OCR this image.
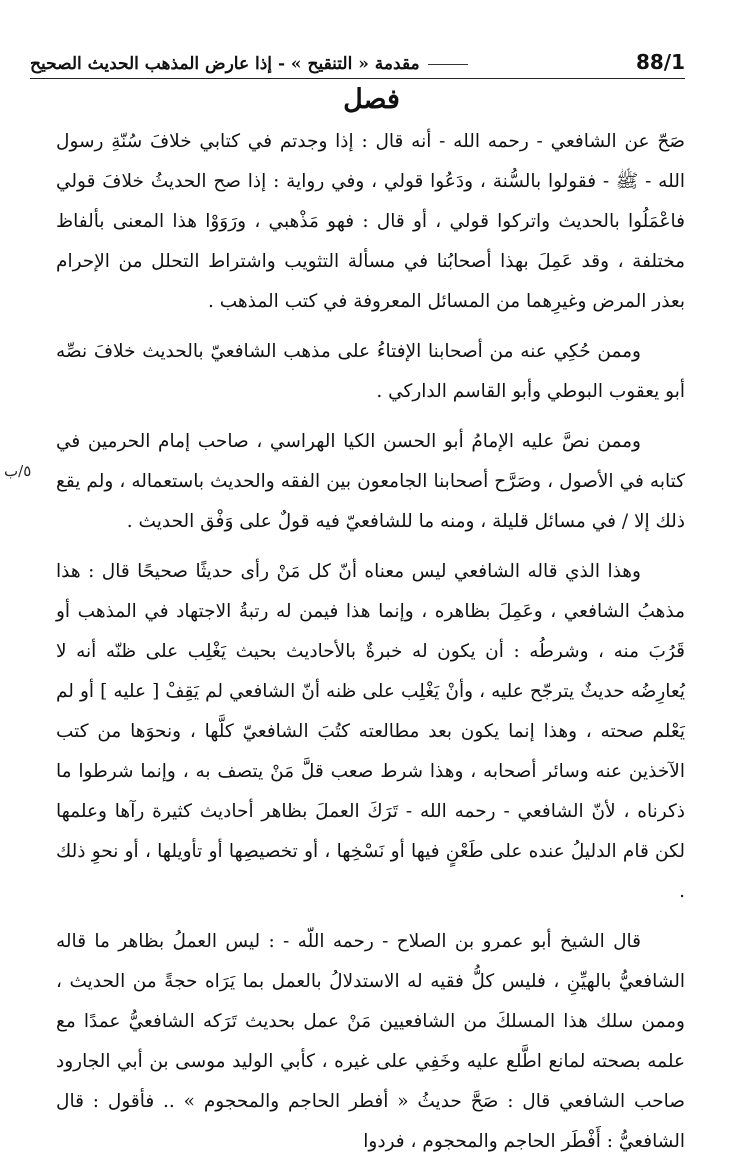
مقدمة « التنقيح » - إذا عارض المذهب الحديث الصحيح	88/1
فصل
٥/ب

صَحّ عن الشافعي - رحمه الله - أنه قال : إذا وجدتم في كتابي خلافَ سُنّةِ رسول الله - ﷺ - فقولوا بالسُّنة ، ودَعُوا قولي ، وفي رواية : إذا صح الحديثُ خلافَ قولي فاعْمَلُوا بالحديث واتركوا قولي ، أو قال : فهو مَذْهبي ، ورَوَوْا هذا المعنى بألفاظ مختلفة ، وقد عَمِلَ بهذا أصحابُنا في مسألة التثويب واشتراط التحلل من الإحرام بعذر المرض وغيرِهما من المسائل المعروفة في كتب المذهب .

وممن حُكِي عنه من أصحابنا الإفتاءُ على مذهب الشافعيّ بالحديث خلافَ نصِّه أبو يعقوب البوطي وأبو القاسم الداركي .

وممن نصَّ عليه الإمامُ أبو الحسن الكيا الهراسي ، صاحب إمام الحرمين في كتابه في الأصول ، وصَرَّح أصحابنا الجامعون بين الفقه والحديث باستعماله ، ولم يقع ذلك إلا / في مسائل قليلة ، ومنه ما للشافعيّ فيه قولٌ على وَفْق الحديث .

وهذا الذي قاله الشافعي ليس معناه أنّ كل مَنْ رأى حديثًا صحيحًا قال : هذا مذهبُ الشافعي ، وعَمِلَ بظاهره ، وإنما هذا فيمن له رتبةُ الاجتهاد في المذهب أو قَرُبَ منه ، وشرطُه : أن يكون له خبرةٌ بالأحاديث بحيث يَغْلِب على ظنّه أنه لا يُعارِضُه حديثٌ يترجّح عليه ، وأنْ يَغْلِب على ظنه أنّ الشافعي لم يَقِفْ [ عليه ] أو لم يَعْلم صحته ، وهذا إنما يكون بعد مطالعته كتُبَ الشافعيّ كلَّها ، ونحوَها من كتب الآخذين عنه وسائر أصحابه ، وهذا شرط صعب قلَّ مَنْ يتصف به ، وإنما شرطوا ما ذكرناه ، لأنّ الشافعي - رحمه الله - تَرَكَ العملَ بظاهر أحاديث كثيرة رآها وعلمها لكن قام الدليلُ عنده على طَعْنٍ فيها أو نَسْخِها ، أو تخصيصِها أو تأويلها ، أو نحوِ ذلك .

قال الشيخ أبو عمرو بن الصلاح - رحمه اللّه - : ليس العملُ بظاهر ما قاله الشافعيُّ بالهيِّنِ ، فليس كلُّ فقيه له الاستدلالُ بالعمل بما يَرَاه حجةً من الحديث ، وممن سلك هذا المسلكَ من الشافعيين مَنْ عمل بحديث تَرَكه الشافعيُّ عمدًا مع علمه بصحته لمانع اطَّلع عليه وخَفِي على غيره ، كأبي الوليد موسى بن أبي الجارود صاحب الشافعي قال : صَحَّ حديثُ « أفطر الحاجم والمحجوم » .. فأقول : قال الشافعيُّ : أَفْطَر الحاجم والمحجوم ، فردوا
